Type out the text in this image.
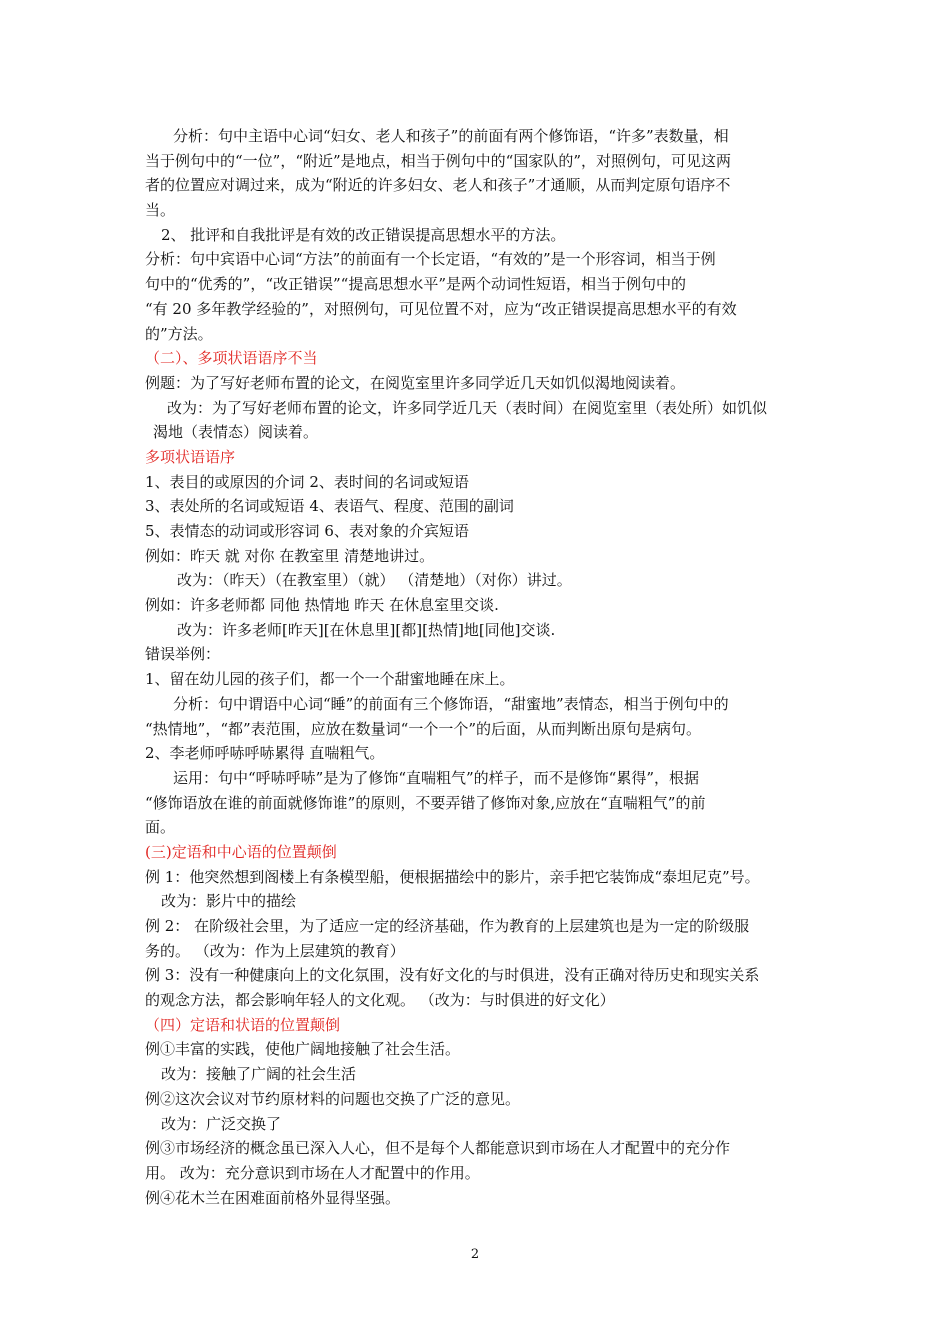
分析：句中主语中心词“妇女、老人和孩子”的前面有两个修饰语，“许多”表数量，相
当于例句中的“一位”，“附近”是地点，相当于例句中的“国家队的”，对照例句，可见这两
者的位置应对调过来，成为“附近的许多妇女、老人和孩子”才通顺，从而判定原句语序不
当。
2、 批评和自我批评是有效的改正错误提高思想水平的方法。
分析：句中宾语中心词“方法”的前面有一个长定语，“有效的”是一个形容词，相当于例
句中的“优秀的”，“改正错误”“提高思想水平”是两个动词性短语，相当于例句中的
“有 20 多年教学经验的”，对照例句，可见位置不对，应为“改正错误提高思想水平的有效
的”方法。
（二）、多项状语语序不当
例题：为了写好老师布置的论文，在阅览室里许多同学近几天如饥似渴地阅读着。
改为：为了写好老师布置的论文，许多同学近几天（表时间）在阅览室里（表处所）如饥似
渴地（表情态）阅读着。
多项状语语序
1、表目的或原因的介词 2、表时间的名词或短语
3、表处所的名词或短语 4、表语气、程度、范围的副词
5、表情态的动词或形容词 6、表对象的介宾短语
例如：昨天 就 对你 在教室里 清楚地讲过。
改为：（昨天）（在教室里）（就） （清楚地）（对你）讲过。
例如：许多老师都 同他 热情地 昨天 在休息室里交谈.
改为：许多老师[昨天][在休息里][都][热情]地[同他]交谈.
错误举例：
1、留在幼儿园的孩子们，都一个一个甜蜜地睡在床上。
分析：句中谓语中心词“睡”的前面有三个修饰语，“甜蜜地”表情态，相当于例句中的
“热情地”，“都”表范围，应放在数量词“一个一个”的后面，从而判断出原句是病句。
2、李老师呼哧呼哧累得 直喘粗气。
运用：句中“呼哧呼哧”是为了修饰“直喘粗气”的样子，而不是修饰“累得”，根据
“修饰语放在谁的前面就修饰谁”的原则，不要弄错了修饰对象,应放在“直喘粗气”的前
面。
(三)定语和中心语的位置颠倒
例 1：他突然想到阁楼上有条模型船，便根据描绘中的影片，亲手把它装饰成“泰坦尼克”号。
改为：影片中的描绘
例 2： 在阶级社会里，为了适应一定的经济基础，作为教育的上层建筑也是为一定的阶级服
务的。 （改为：作为上层建筑的教育）
例 3：没有一种健康向上的文化氛围，没有好文化的与时俱进，没有正确对待历史和现实关系
的观念方法，都会影响年轻人的文化观。 （改为：与时俱进的好文化）
（四）定语和状语的位置颠倒
例①丰富的实践，使他广阔地接触了社会生活。
改为：接触了广阔的社会生活
例②这次会议对节约原材料的问题也交换了广泛的意见。
改为：广泛交换了
例③市场经济的概念虽已深入人心，但不是每个人都能意识到市场在人才配置中的充分作
用。 改为：充分意识到市场在人才配置中的作用。
例④花木兰在困难面前格外显得坚强。
2
